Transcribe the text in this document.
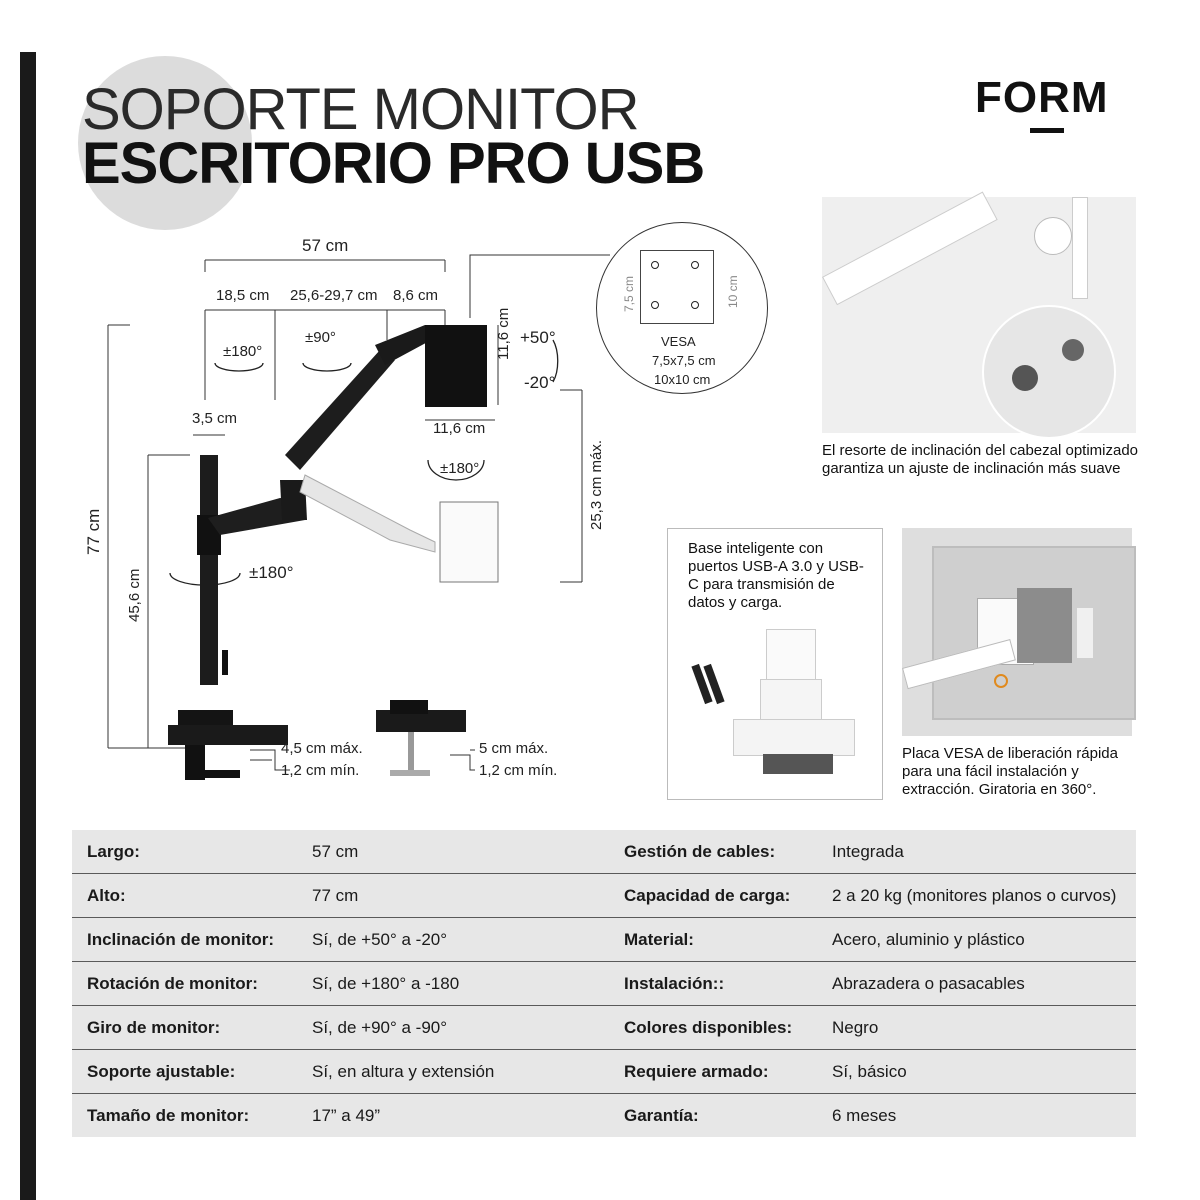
SOPORTE MONITOR
ESCRITORIO PRO USB
FORM
57 cm
18,5 cm 25,6-29,7 cm 8,6 cm
±180°
±90°	+50°
-20°
11,6 cm
11,6 cm
3,5 cm
±180°
±180°
77 cm
45,6 cm
25,3 cm máx.
4,5 cm máx.
1,2 cm mín.
5 cm máx.
1,2 cm mín.
7,5 cm	10 cm
VESA
7,5x7,5 cm
10x10 cm
El resorte de inclinación del cabezal optimizado garantiza un ajuste de inclinación más suave
Base inteligente con puertos USB-A 3.0 y USB-C para transmisión de datos y carga.
Placa VESA de liberación rápida para una fácil instalación y extracción. Giratoria en 360°.
Largo:	57 cm	Gestión de cables:	Integrada
Alto:	77 cm	Capacidad de carga:	2 a 20 kg (monitores planos o curvos)
Inclinación de monitor:	Sí, de +50° a -20°	Material:	Acero, aluminio y plástico
Rotación de monitor:	Sí, de +180° a -180	Instalación::	Abrazadera o pasacables
Giro de monitor:	Sí, de +90° a -90°	Colores disponibles:	Negro
Soporte ajustable:	Sí, en altura y extensión	Requiere armado:	Sí, básico
Tamaño de monitor:	17” a 49”	Garantía:	6 meses
